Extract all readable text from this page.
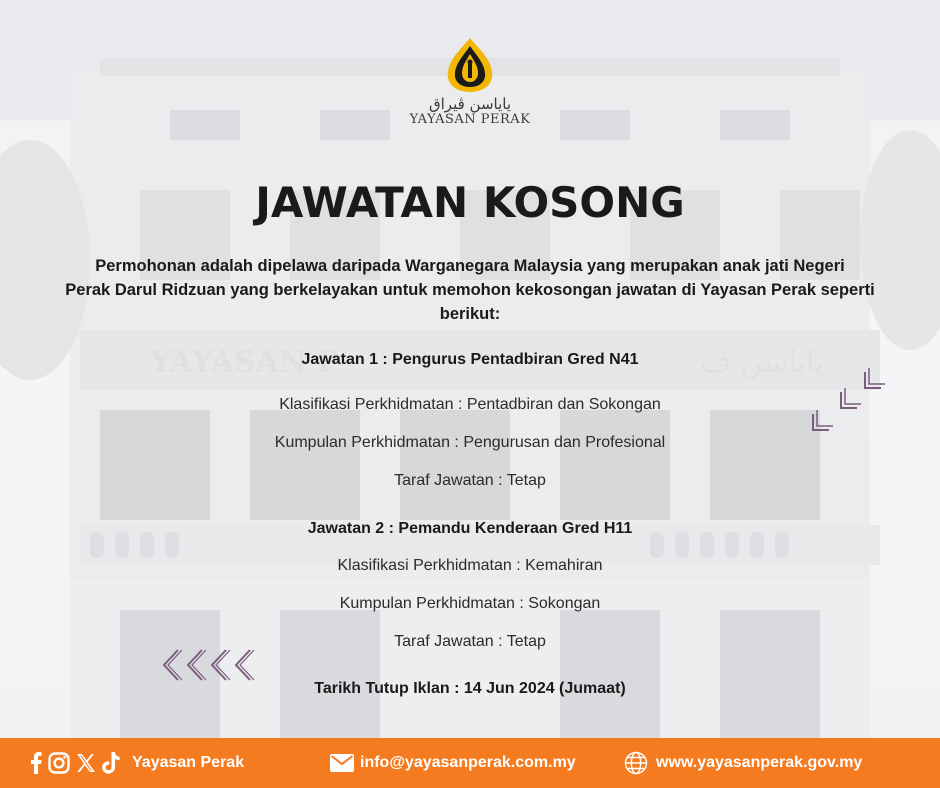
ياياسن ڤيراق
YAYASAN PERAK
JAWATAN KOSONG
Permohonan adalah dipelawa daripada Warganegara Malaysia yang merupakan anak jati Negeri
Perak Darul Ridzuan yang berkelayakan untuk memohon kekosongan jawatan di Yayasan Perak seperti
berikut:
Jawatan 1 : Pengurus Pentadbiran Gred N41
Klasifikasi Perkhidmatan : Pentadbiran dan Sokongan
Kumpulan Perkhidmatan : Pengurusan dan Profesional
Taraf Jawatan : Tetap
Jawatan 2 : Pemandu Kenderaan Gred H11
Klasifikasi Perkhidmatan : Kemahiran
Kumpulan Perkhidmatan : Sokongan
Taraf Jawatan : Tetap
Tarikh Tutup Iklan : 14 Jun 2024 (Jumaat)
Yayasan Perak	info@yayasanperak.com.my	www.yayasanperak.gov.my
